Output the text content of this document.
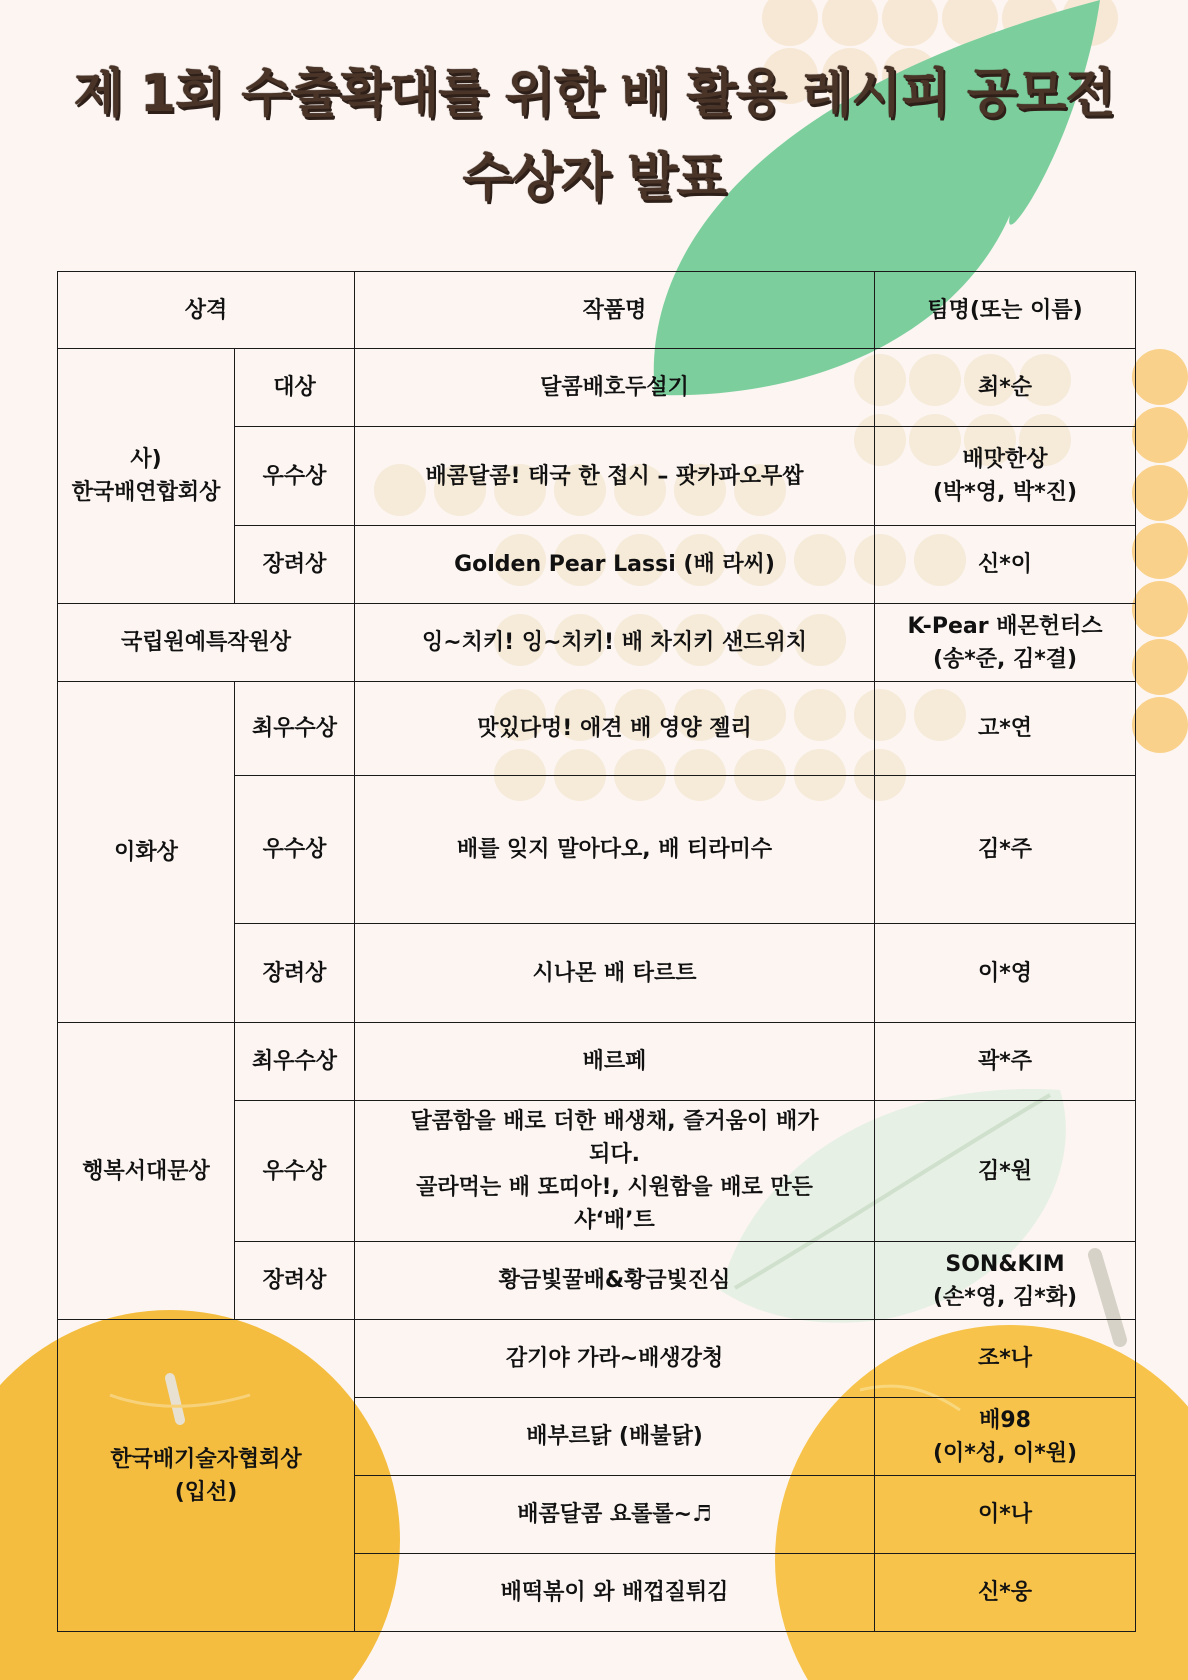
제 1회 수출확대를 위한 배 활용 레시피 공모전
수상자 발표
상격		작품명	팀명(또는 이름)
사)
한국배연합회상	대상	달콤배호두설기	최*순
	우수상	배콤달콤! 태국 한 접시 – 팟카파오무쌉	배맛한상
(박*영, 박*진)
	장려상	Golden Pear Lassi (배 라씨)	신*이
국립원예특작원상		잉~치키! 잉~치키! 배 차지키 샌드위치	K-Pear 배몬헌터스
(송*준, 김*결)
이화상	최우수상	맛있다멍! 애견 배 영양 젤리	고*연
	우수상	배를 잊지 말아다오, 배 티라미수	김*주
	장려상	시나몬 배 타르트	이*영
행복서대문상	최우수상	배르페	곽*주
	우수상	달콤함을 배로 더한 배생채, 즐거움이 배가
되다.
골라먹는 배 또띠아!, 시원함을 배로 만든
샤‘배’트	김*원
	장려상	황금빛꿀배&황금빛진심	SON&KIM
(손*영, 김*화)
한국배기술자협회상
(입선)		감기야 가라~배생강청	조*나
		배부르닭 (배불닭)	배98
(이*성, 이*원)
		배콤달콤 요롤롤~♬	이*나
		배떡볶이 와 배껍질튀김	신*웅
